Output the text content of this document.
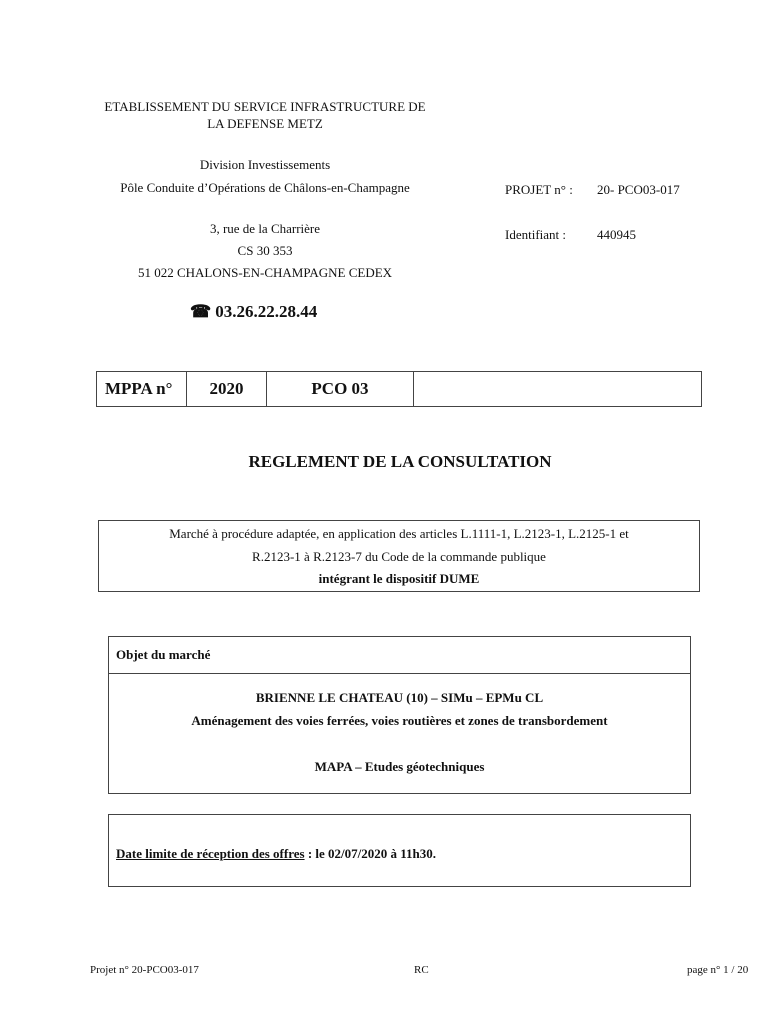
ETABLISSEMENT DU SERVICE INFRASTRUCTURE DE
LA DEFENSE METZ
Division Investissements
Pôle Conduite d’Opérations de Châlons-en-Champagne
3, rue de la Charrière
CS 30 353
51 022 CHALONS-EN-CHAMPAGNE CEDEX
☎ 03.26.22.28.44
PROJET n° : 20- PCO03-017
Identifiant : 440945
MPPA n°	2020	PCO 03	
REGLEMENT DE LA CONSULTATION
Marché à procédure adaptée, en application des articles L.1111-1, L.2123-1, L.2125-1 et
R.2123-1 à R.2123-7 du Code de la commande publique
intégrant le dispositif DUME
Objet du marché
BRIENNE LE CHATEAU (10) – SIMu – EPMu CL
Aménagement des voies ferrées, voies routières et zones de transbordement
MAPA – Etudes géotechniques
Date limite de réception des offres : le 02/07/2020 à 11h30.
Projet n° 20-PCO03-017	RC	page n° 1 / 20
